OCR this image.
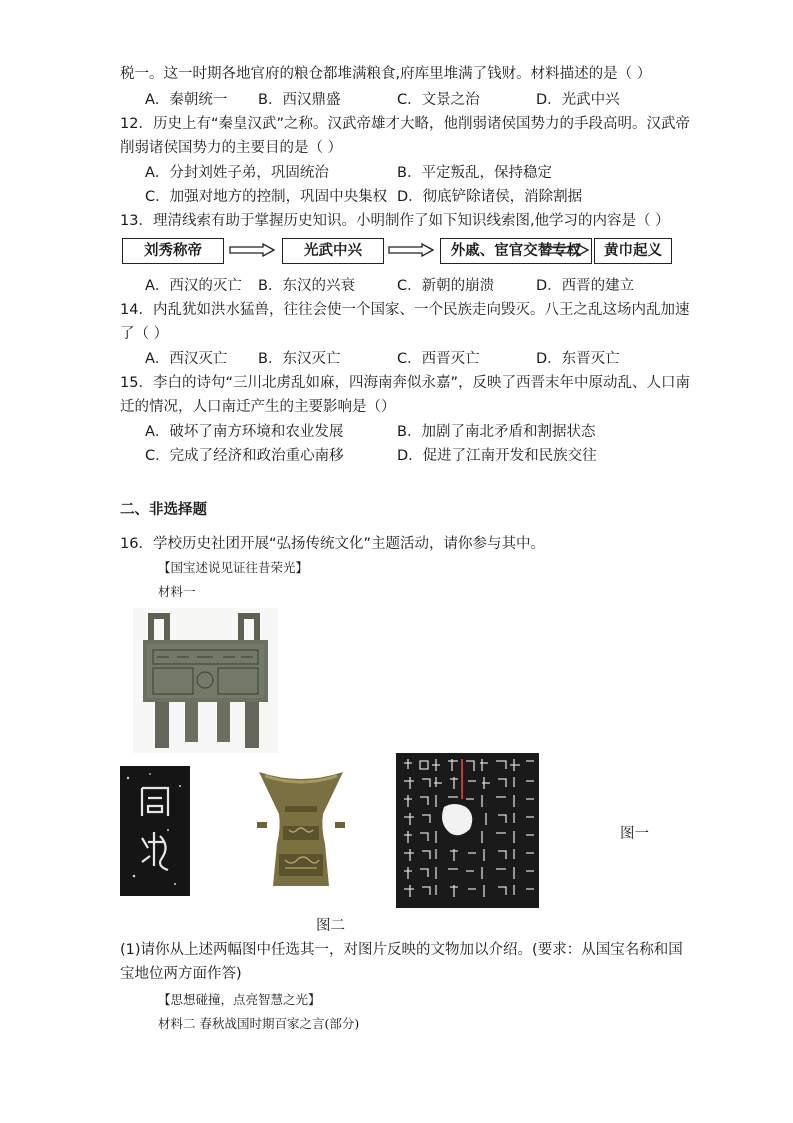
税一。这一时期各地官府的粮仓都堆满粮食,府库里堆满了钱财。材料描述的是（ ）
A．秦朝统一 B．西汉鼎盛	C．文景之治	D．光武中兴
12．历史上有“秦皇汉武”之称。汉武帝雄才大略，他削弱诸侯国势力的手段高明。汉武帝
削弱诸侯国势力的主要目的是（ ）
A．分封刘姓子弟，巩固统治	B．平定叛乱，保持稳定
C．加强对地方的控制，巩固中央集权 D．彻底铲除诸侯，消除割据
13．理清线索有助于掌握历史知识。小明制作了如下知识线索图,他学习的内容是（ ）
刘秀称帝	光武中兴	外戚、宦官交替专权
A．西汉的灭亡 B．东汉的兴衰	C．新朝的崩溃	D．西晋的建立
14．内乱犹如洪水猛兽，往往会使一个国家、一个民族走向毁灭。八王之乱这场内乱加速
了（ ）
A．西汉灭亡 B．东汉灭亡	C．西晋灭亡	D．东晋灭亡
15．李白的诗句“三川北虏乱如麻，四海南奔似永嘉”，反映了西晋末年中原动乱、人口南
迁的情况，人口南迁产生的主要影响是（）
A．破坏了南方环境和农业发展	B．加剧了南北矛盾和割据状态
C．完成了经济和政治重心南移	D．促进了江南开发和民族交往
二、非选择题
16．学校历史社团开展“弘扬传统文化”主题活动，请你参与其中。
【国宝述说见证往昔荣光】
材料一
图一
图二
(1)请你从上述两幅图中任选其一，对图片反映的文物加以介绍。(要求：从国宝名称和国
宝地位两方面作答)
【思想碰撞，点亮智慧之光】
材料二 春秋战国时期百家之言(部分)
黄巾起义
